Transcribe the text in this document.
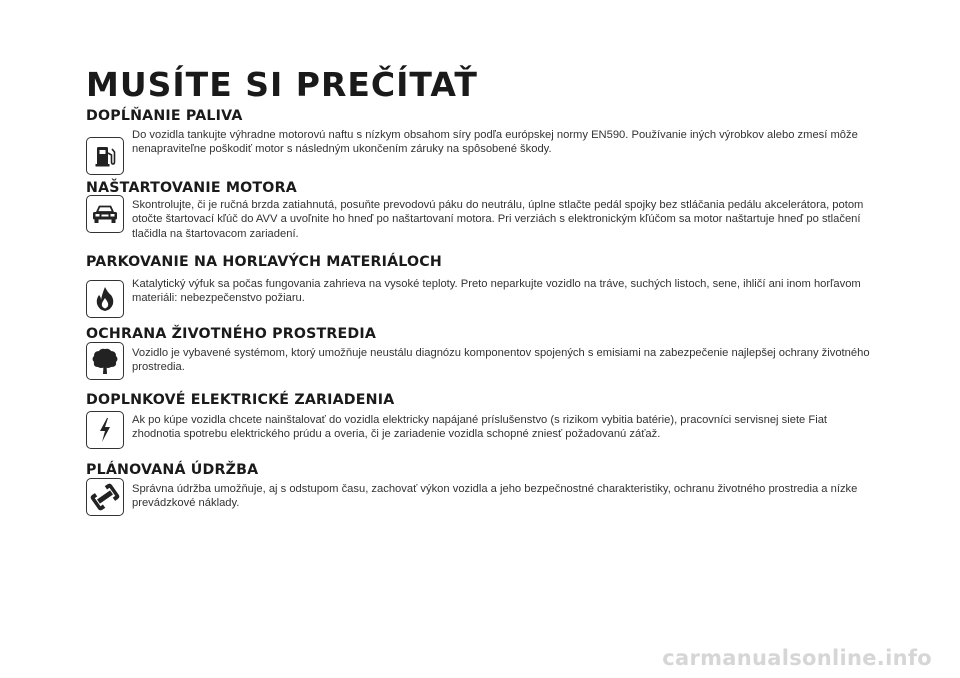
MUSÍTE SI PREČÍTAŤ
DOPĹŇANIE PALIVA

Do vozidla tankujte výhradne motorovú naftu s nízkym obsahom síry podľa európskej normy EN590. Používanie iných výrobkov alebo zmesí môže nenapraviteľne poškodiť motor s následným ukončením záruky na spôsobené škody.

NAŠTARTOVANIE MOTORA

Skontrolujte, či je ručná brzda zatiahnutá, posuňte prevodovú páku do neutrálu, úplne stlačte pedál spojky bez stláčania pedálu akcelerátora, potom otočte štartovací kľúč do AVV a uvoľnite ho hneď po naštartovaní motora. Pri verziách s elektronickým kľúčom sa motor naštartuje hneď po stlačení tlačidla na štartovacom zariadení.

PARKOVANIE NA HORĽAVÝCH MATERIÁLOCH

Katalytický výfuk sa počas fungovania zahrieva na vysoké teploty. Preto neparkujte vozidlo na tráve, suchých listoch, sene, ihličí ani inom horľavom materiáli: nebezpečenstvo požiaru.

OCHRANA ŽIVOTNÉHO PROSTREDIA

Vozidlo je vybavené systémom, ktorý umožňuje neustálu diagnózu komponentov spojených s emisiami na zabezpečenie najlepšej ochrany životného prostredia.

DOPLNKOVÉ ELEKTRICKÉ ZARIADENIA

Ak po kúpe vozidla chcete nainštalovať do vozidla elektricky napájané príslušenstvo (s rizikom vybitia batérie), pracovníci servisnej siete Fiat zhodnotia spotrebu elektrického prúdu a overia, či je zariadenie vozidla schopné zniesť požadovanú záťaž.

PLÁNOVANÁ ÚDRŽBA

Správna údržba umožňuje, aj s odstupom času, zachovať výkon vozidla a jeho bezpečnostné charakteristiky, ochranu životného prostredia a nízke prevádzkové náklady.

carmanualsonline.info
